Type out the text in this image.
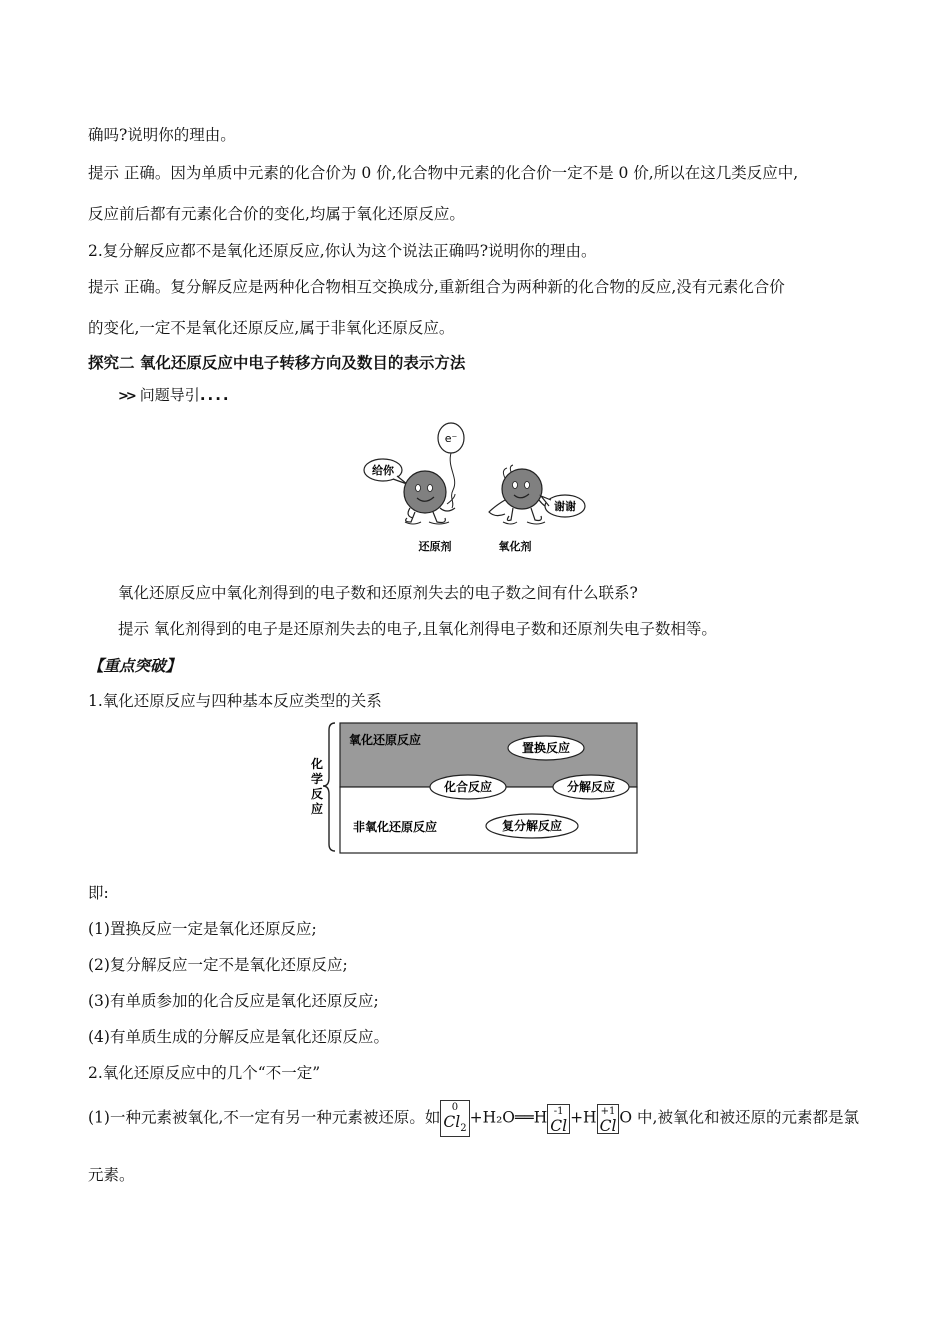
确吗?说明你的理由。
提示 正确。因为单质中元素的化合价为 0 价,化合物中元素的化合价一定不是 0 价,所以在这几类反应中,
反应前后都有元素化合价的变化,均属于氧化还原反应。
2.复分解反应都不是氧化还原反应,你认为这个说法正确吗?说明你的理由。
提示 正确。复分解反应是两种化合物相互交换成分,重新组合为两种新的化合物的反应,没有元素化合价
的变化,一定不是氧化还原反应,属于非氧化还原反应。
探究二 氧化还原反应中电子转移方向及数目的表示方法
>> 问题导引....
e⁻
给你
谢谢
还原剂	氧化剂
氧化还原反应中氧化剂得到的电子数和还原剂失去的电子数之间有什么联系?
提示 氧化剂得到的电子是还原剂失去的电子,且氧化剂得电子数和还原剂失电子数相等。
【重点突破】
1.氧化还原反应与四种基本反应类型的关系
化
学
反
应
氧化还原反应
非氧化还原反应
置换反应
化合反应	分解反应
复分解反应
即:
(1)置换反应一定是氧化还原反应;
(2)复分解反应一定不是氧化还原反应;
(3)有单质参加的化合反应是氧化还原反应;
(4)有单质生成的分解反应是氧化还原反应。
2.氧化还原反应中的几个“不一定”
(1)一种元素被氧化,不一定有另一种元素被还原。如
0
$Cl_2+H_2O══H$ -1
Cl +H +1
Cl O 中,被氧化和被还原的元素都是氯
元素。
